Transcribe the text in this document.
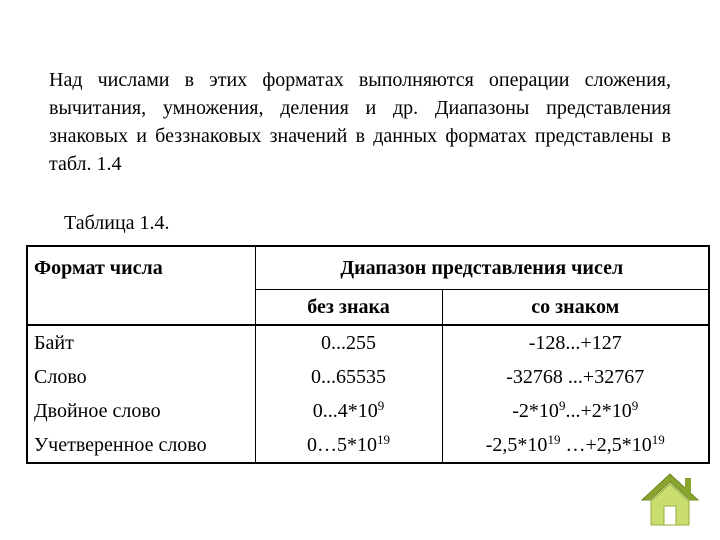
Над числами в этих форматах выполняются операции сложения, вычитания, умножения, деления и др. Диапазоны представления знаковых и беззнаковых значений в данных форматах представлены в табл. 1.4

Таблица 1.4.

Формат числа	Диапазон представления чисел	
	без знака	со знаком
Байт	0...255	-128...+127
Слово	0...65535	-32768 ...+32767
Двойное слово	$0...4*10^9$	$-2*10^9...+2*10^9$
Учетверенное слово	$0\dots 5*10^{19}$	$-2,5*10^{19}$ $\dots+2,5*10^{19}$
